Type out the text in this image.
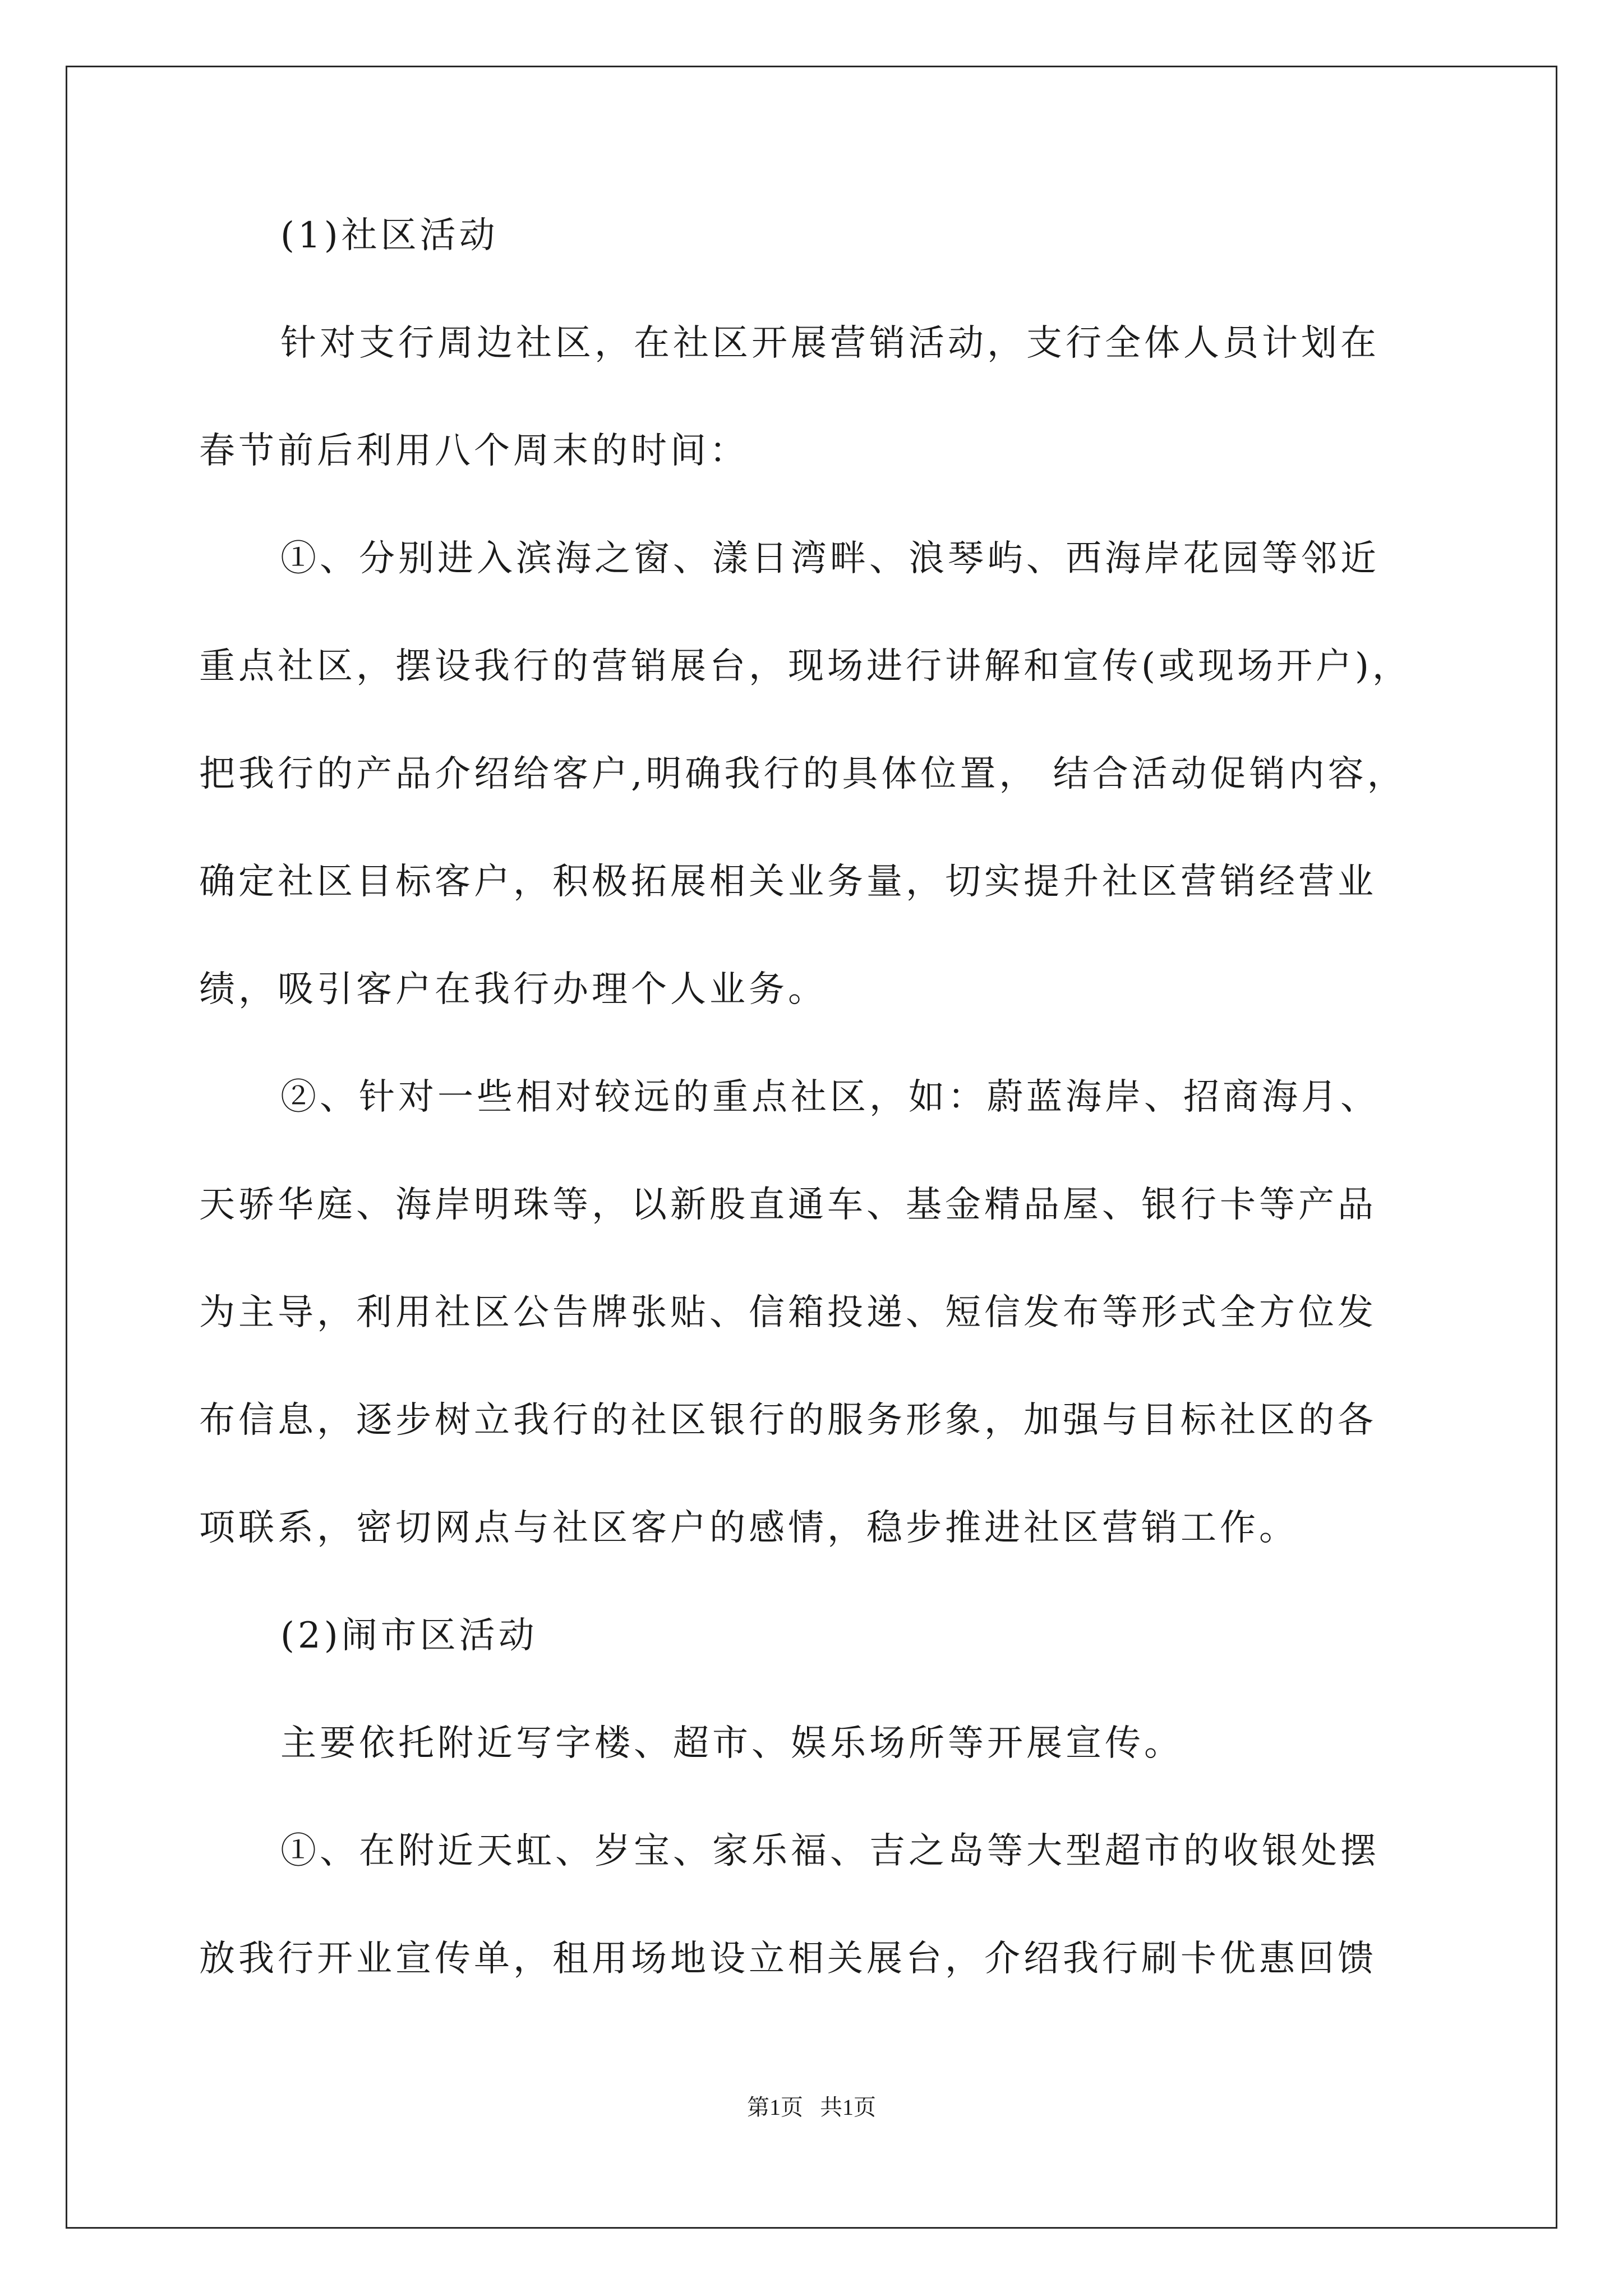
(1)社区活动
针对支行周边社区，在社区开展营销活动，支行全体人员计划在
春节前后利用八个周末的时间：
①、分别进入滨海之窗、漾日湾畔、浪琴屿、西海岸花园等邻近
重点社区，摆设我行的营销展台，现场进行讲解和宣传(或现场开户)，
把我行的产品介绍给客户,明确我行的具体位置， 结合活动促销内容，
确定社区目标客户，积极拓展相关业务量，切实提升社区营销经营业
绩，吸引客户在我行办理个人业务。
②、针对一些相对较远的重点社区，如：蔚蓝海岸、招商海月、
天骄华庭、海岸明珠等，以新股直通车、基金精品屋、银行卡等产品
为主导，利用社区公告牌张贴、信箱投递、短信发布等形式全方位发
布信息，逐步树立我行的社区银行的服务形象，加强与目标社区的各
项联系，密切网点与社区客户的感情，稳步推进社区营销工作。
(2)闹市区活动
主要依托附近写字楼、超市、娱乐场所等开展宣传。
①、在附近天虹、岁宝、家乐福、吉之岛等大型超市的收银处摆
放我行开业宣传单，租用场地设立相关展台，介绍我行刷卡优惠回馈
第1页   共1页
